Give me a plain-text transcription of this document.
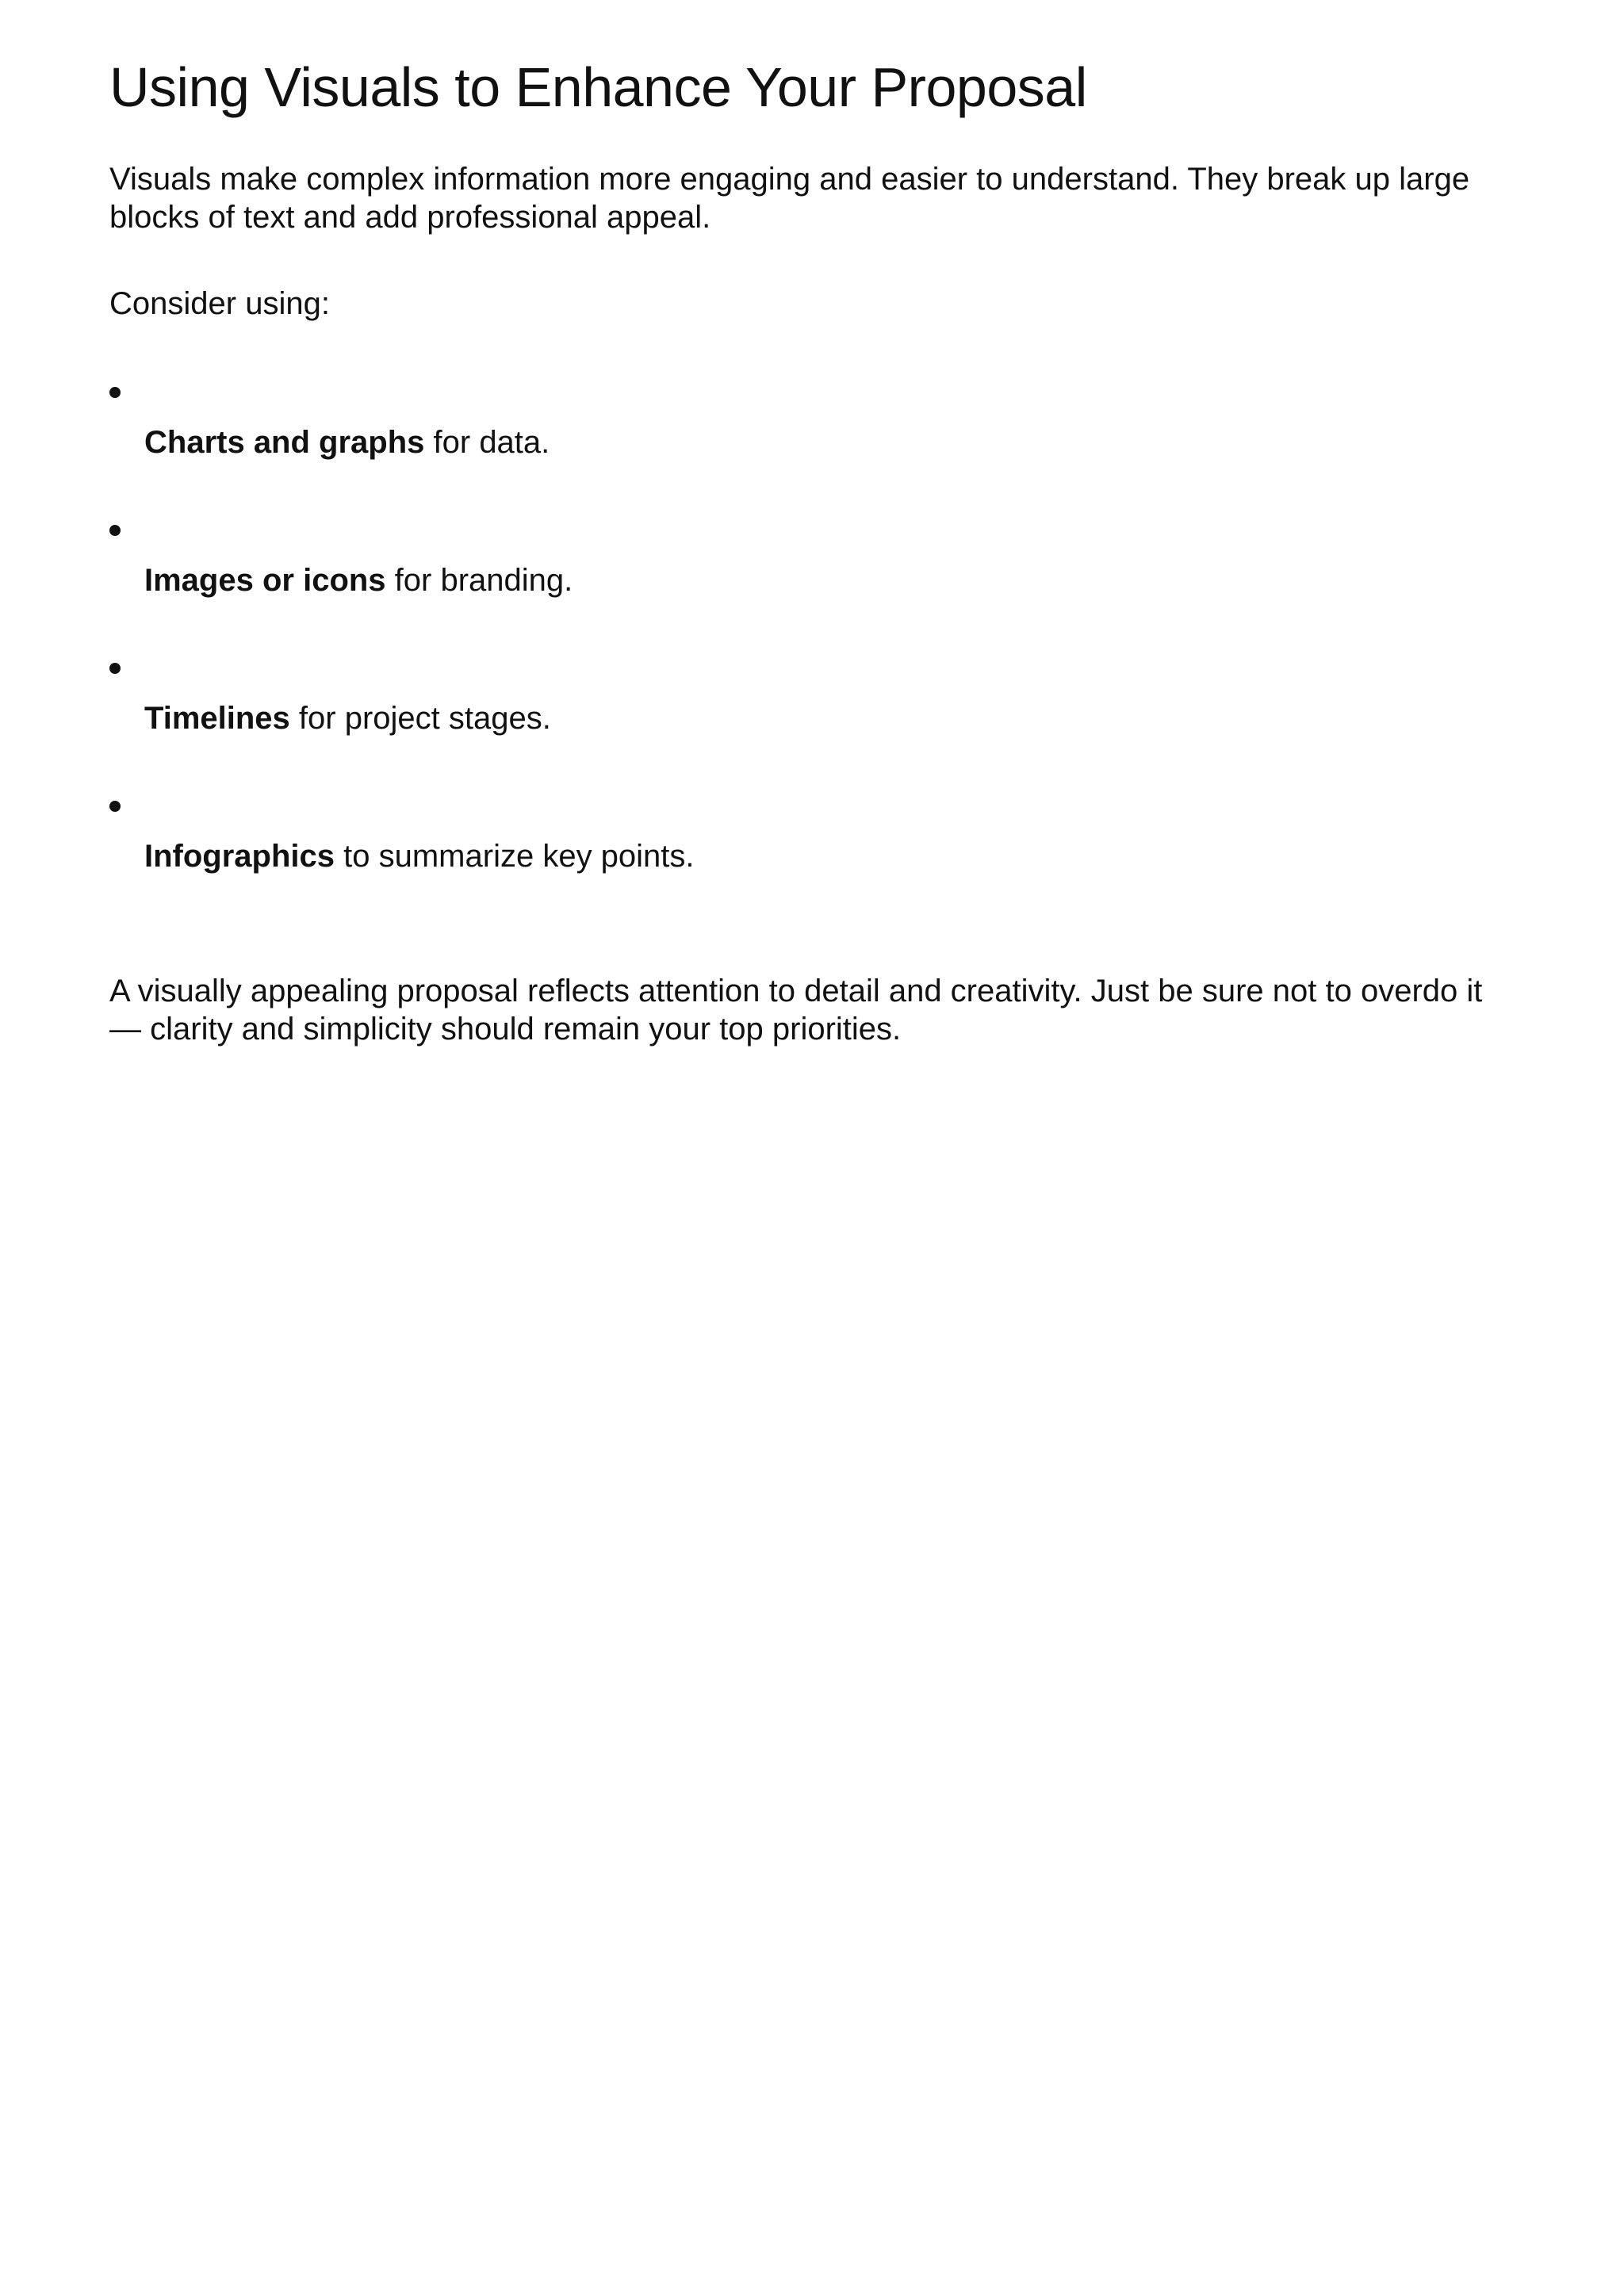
Using Visuals to Enhance Your Proposal

Visuals make complex information more engaging and easier to understand. They break up large blocks of text and add professional appeal.

Consider using:

Charts and graphs for data.
Images or icons for branding.
Timelines for project stages.
Infographics to summarize key points.

A visually appealing proposal reflects attention to detail and creativity. Just be sure not to overdo it — clarity and simplicity should remain your top priorities.
